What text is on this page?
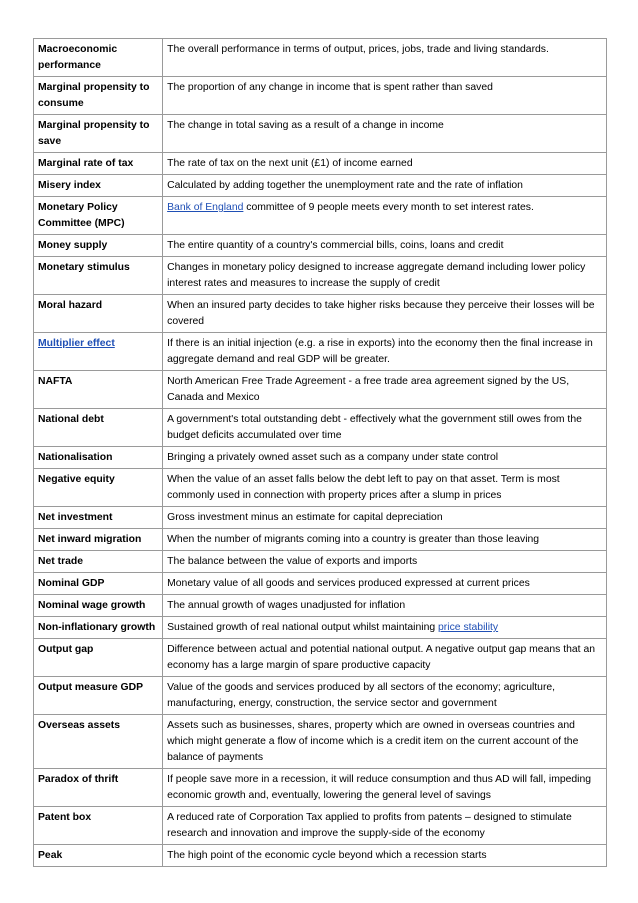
Macroeconomic performance	The overall performance in terms of output, prices, jobs, trade and living standards.
Marginal propensity to consume	The proportion of any change in income that is spent rather than saved
Marginal propensity to save	The change in total saving as a result of a change in income
Marginal rate of tax	The rate of tax on the next unit (£1) of income earned
Misery index	Calculated by adding together the unemployment rate and the rate of inflation
Monetary Policy Committee (MPC)	Bank of England committee of 9 people meets every month to set interest rates.
Money supply	The entire quantity of a country's commercial bills, coins, loans and credit
Monetary stimulus	Changes in monetary policy designed to increase aggregate demand including lower policy interest rates and measures to increase the supply of credit
Moral hazard	When an insured party decides to take higher risks because they perceive their losses will be covered
Multiplier effect	If there is an initial injection (e.g. a rise in exports) into the economy then the final increase in aggregate demand and real GDP will be greater.
NAFTA	North American Free Trade Agreement - a free trade area agreement signed by the US, Canada and Mexico
National debt	A government's total outstanding debt - effectively what the government still owes from the budget deficits accumulated over time
Nationalisation	Bringing a privately owned asset such as a company under state control
Negative equity	When the value of an asset falls below the debt left to pay on that asset. Term is most commonly used in connection with property prices after a slump in prices
Net investment	Gross investment minus an estimate for capital depreciation
Net inward migration	When the number of migrants coming into a country is greater than those leaving
Net trade	The balance between the value of exports and imports
Nominal GDP	Monetary value of all goods and services produced expressed at current prices
Nominal wage growth	The annual growth of wages unadjusted for inflation
Non-inflationary growth	Sustained growth of real national output whilst maintaining price stability
Output gap	Difference between actual and potential national output. A negative output gap means that an economy has a large margin of spare productive capacity
Output measure GDP	Value of the goods and services produced by all sectors of the economy; agriculture, manufacturing, energy, construction, the service sector and government
Overseas assets	Assets such as businesses, shares, property which are owned in overseas countries and which might generate a flow of income which is a credit item on the current account of the balance of payments
Paradox of thrift	If people save more in a recession, it will reduce consumption and thus AD will fall, impeding economic growth and, eventually, lowering the general level of savings
Patent box	A reduced rate of Corporation Tax applied to profits from patents – designed to stimulate research and innovation and improve the supply-side of the economy
Peak	The high point of the economic cycle beyond which a recession starts
